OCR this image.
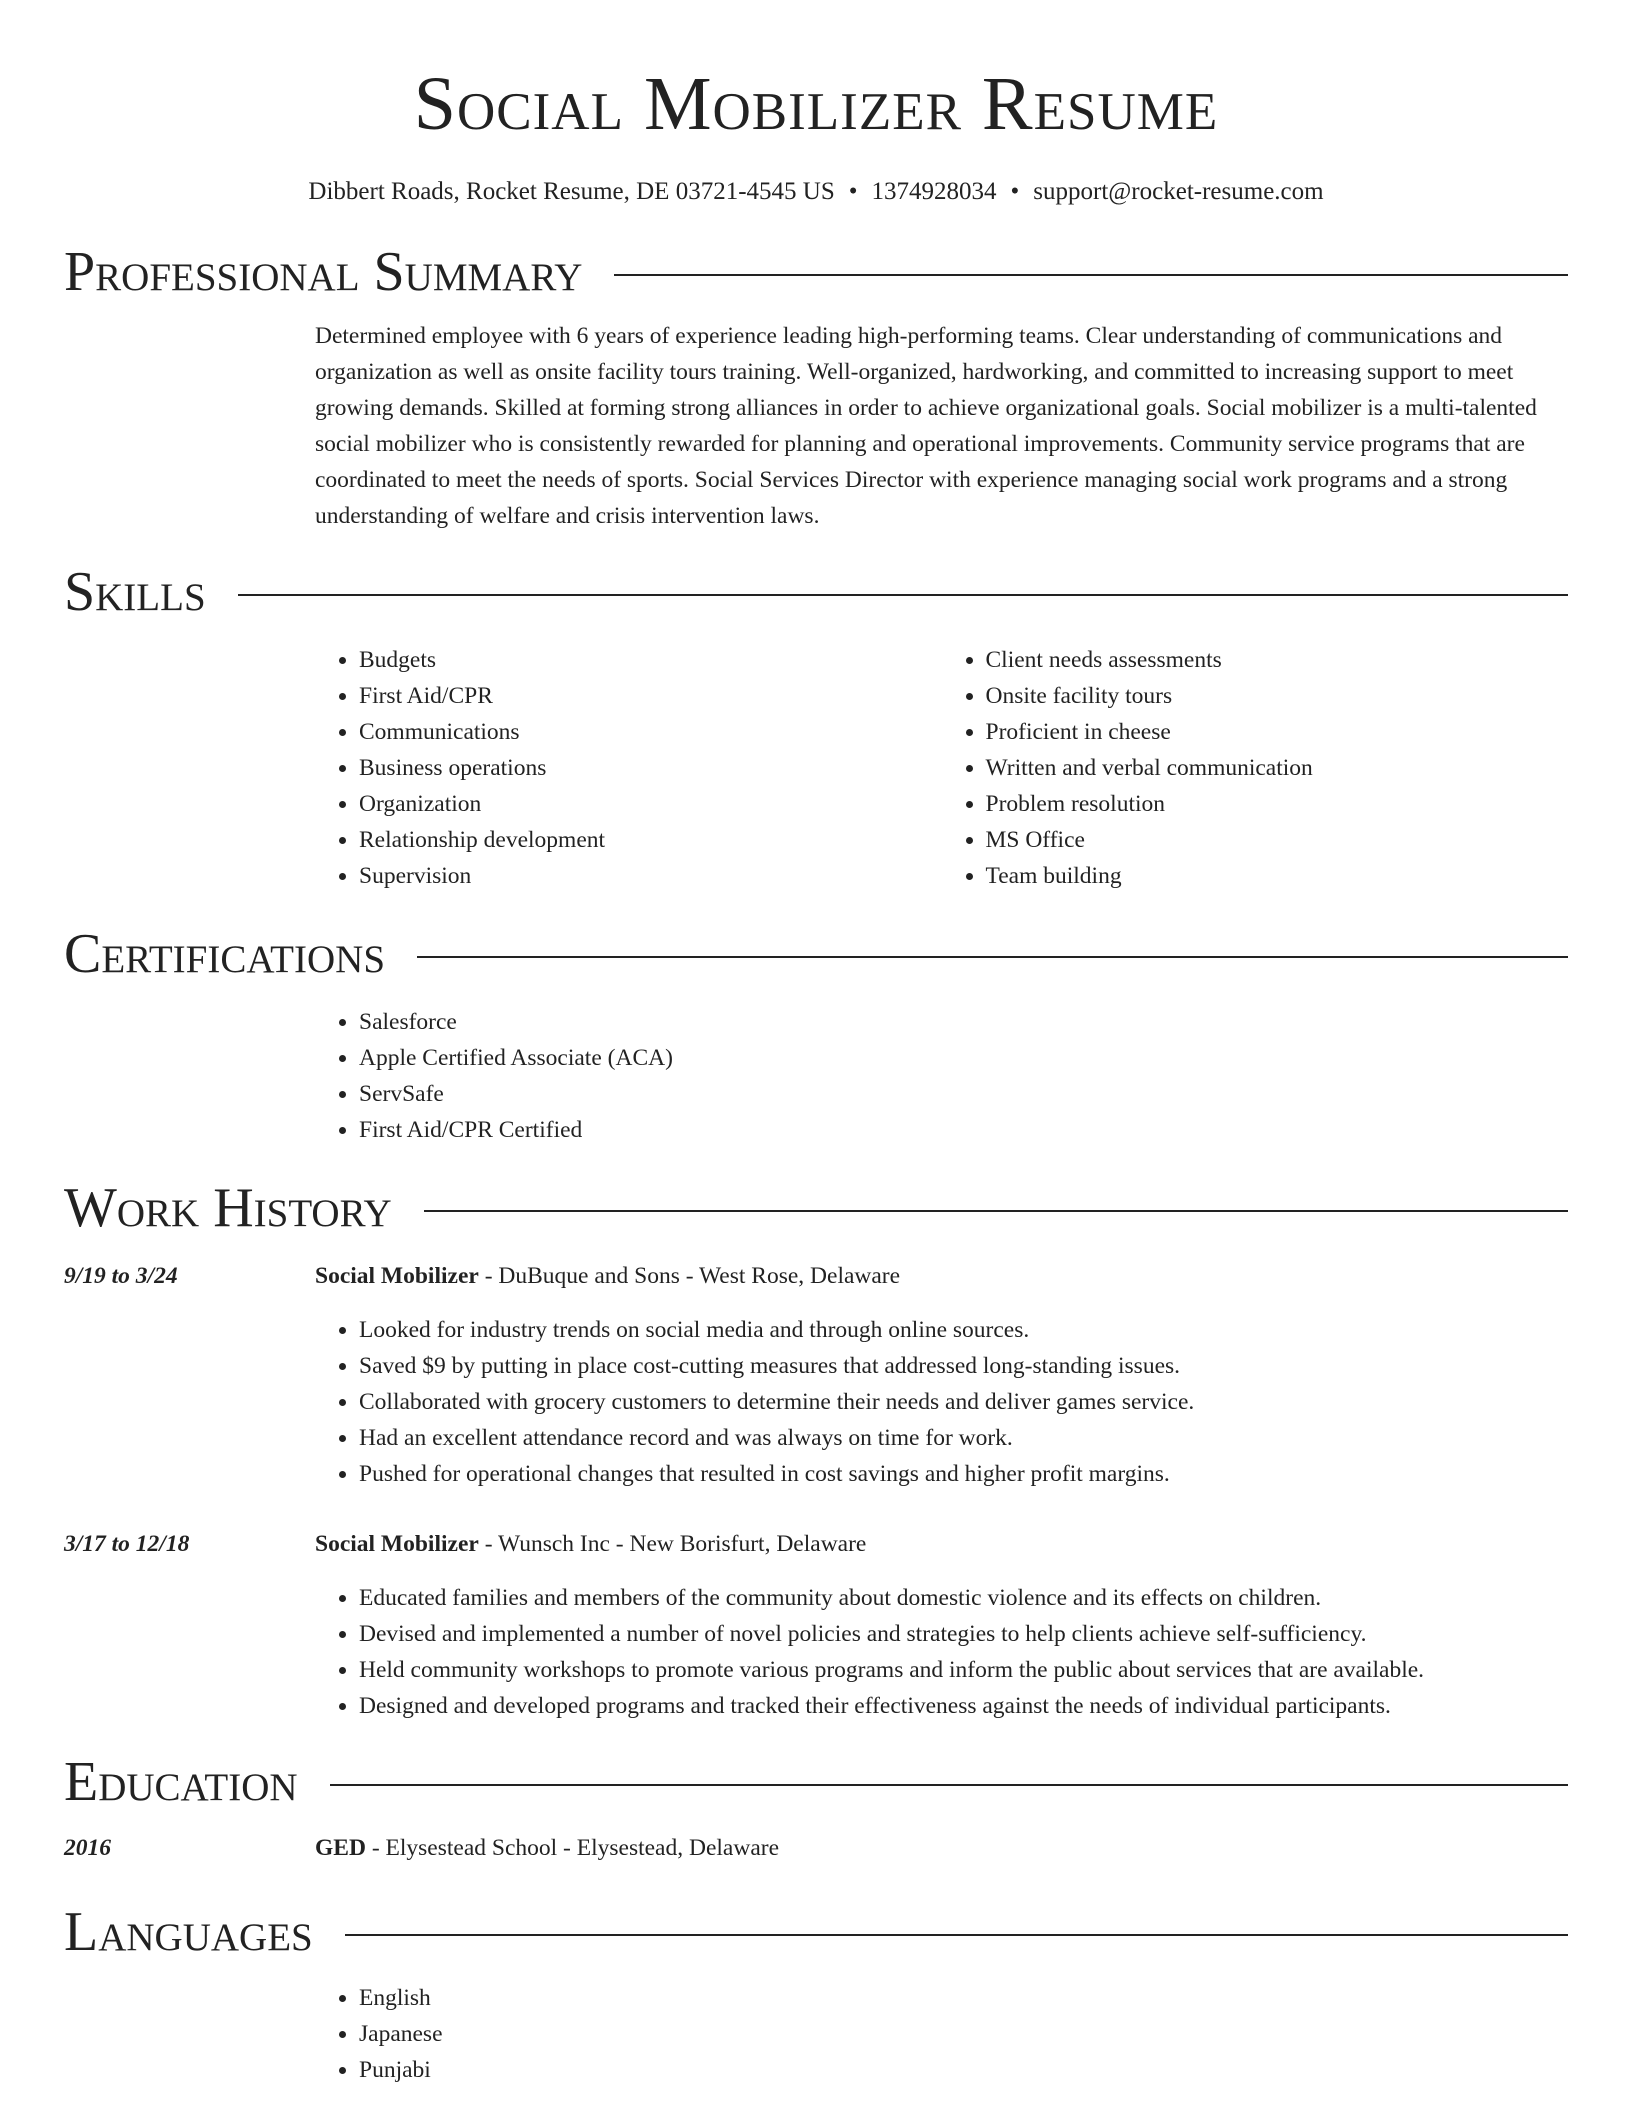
Social Mobilizer Resume
Dibbert Roads, Rocket Resume, DE 03721-4545 US • 1374928034 • support@rocket-resume.com
Professional Summary
Determined employee with 6 years of experience leading high-performing teams. Clear understanding of communications and organization as well as onsite facility tours training. Well-organized, hardworking, and committed to increasing support to meet growing demands. Skilled at forming strong alliances in order to achieve organizational goals. Social mobilizer is a multi-talented social mobilizer who is consistently rewarded for planning and operational improvements. Community service programs that are coordinated to meet the needs of sports. Social Services Director with experience managing social work programs and a strong understanding of welfare and crisis intervention laws.
Skills
• Budgets
• First Aid/CPR
• Communications
• Business operations
• Organization
• Relationship development
• Supervision
• Client needs assessments
• Onsite facility tours
• Proficient in cheese
• Written and verbal communication
• Problem resolution
• MS Office
• Team building
Certifications
• Salesforce
• Apple Certified Associate (ACA)
• ServSafe
• First Aid/CPR Certified
Work History
9/19 to 3/24	Social Mobilizer - DuBuque and Sons - West Rose, Delaware
• Looked for industry trends on social media and through online sources.
• Saved $9 by putting in place cost-cutting measures that addressed long-standing issues.
• Collaborated with grocery customers to determine their needs and deliver games service.
• Had an excellent attendance record and was always on time for work.
• Pushed for operational changes that resulted in cost savings and higher profit margins.
3/17 to 12/18	Social Mobilizer - Wunsch Inc - New Borisfurt, Delaware
• Educated families and members of the community about domestic violence and its effects on children.
• Devised and implemented a number of novel policies and strategies to help clients achieve self-sufficiency.
• Held community workshops to promote various programs and inform the public about services that are available.
• Designed and developed programs and tracked their effectiveness against the needs of individual participants.
Education
2016	GED - Elysestead School - Elysestead, Delaware
Languages
• English
• Japanese
• Punjabi
